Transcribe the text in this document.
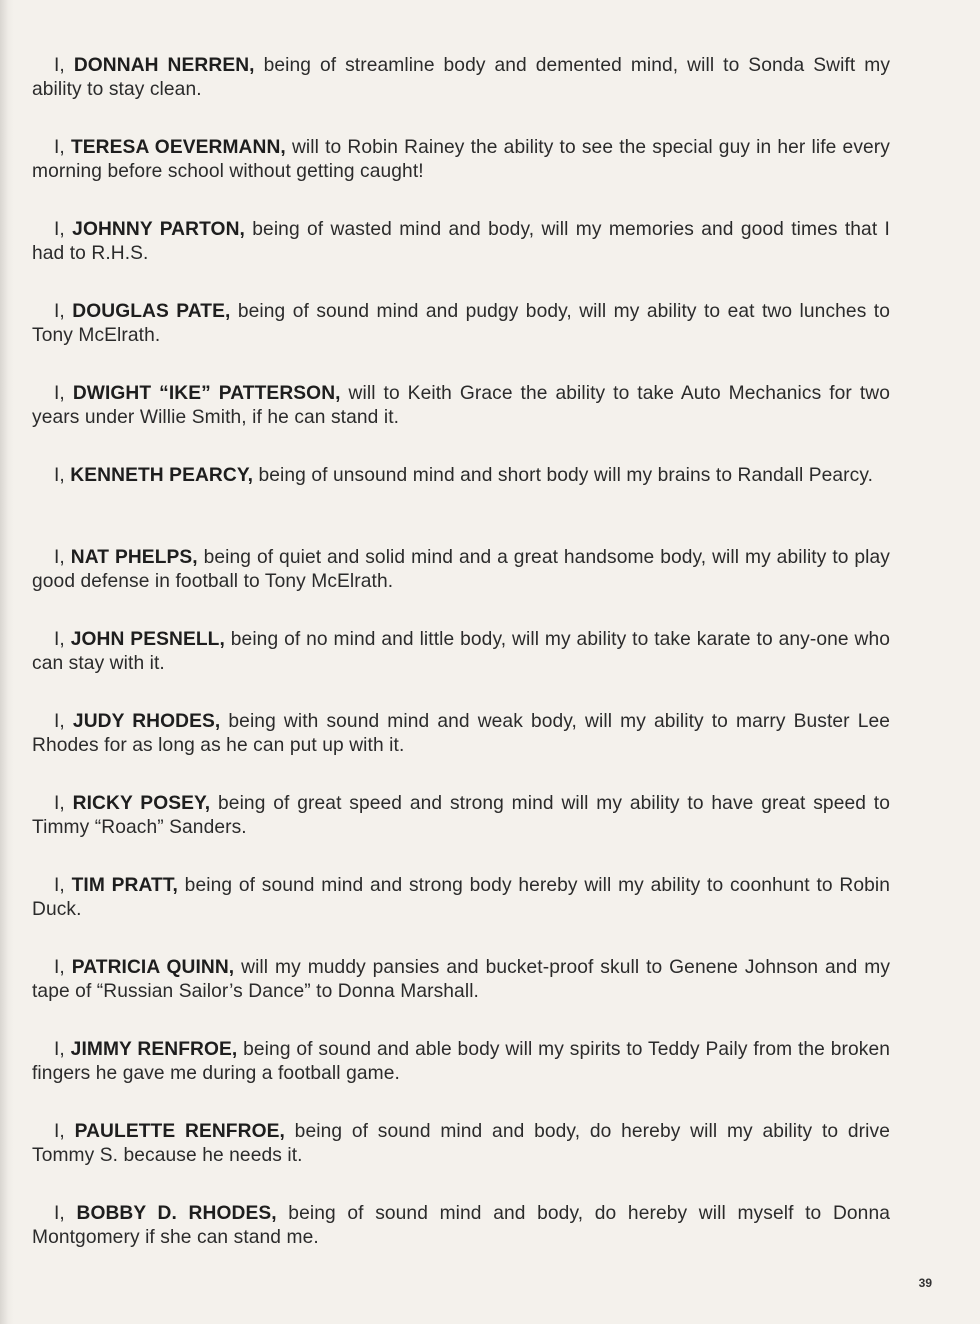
I, DONNAH NERREN, being of streamline body and demented mind, will to Sonda Swift my ability to stay clean.

I, TERESA OEVERMANN, will to Robin Rainey the ability to see the special guy in her life every morning before school without getting caught!

I, JOHNNY PARTON, being of wasted mind and body, will my memories and good times that I had to R.H.S.

I, DOUGLAS PATE, being of sound mind and pudgy body, will my ability to eat two lunches to Tony McElrath.

I, DWIGHT “IKE” PATTERSON, will to Keith Grace the ability to take Auto Mechanics for two years under Willie Smith, if he can stand it.

I, KENNETH PEARCY, being of unsound mind and short body will my brains to Randall Pearcy.

I, NAT PHELPS, being of quiet and solid mind and a great handsome body, will my ability to play good defense in football to Tony McElrath.

I, JOHN PESNELL, being of no mind and little body, will my ability to take karate to any-one who can stay with it.

I, JUDY RHODES, being with sound mind and weak body, will my ability to marry Buster Lee Rhodes for as long as he can put up with it.

I, RICKY POSEY, being of great speed and strong mind will my ability to have great speed to Timmy “Roach” Sanders.

I, TIM PRATT, being of sound mind and strong body hereby will my ability to coonhunt to Robin Duck.

I, PATRICIA QUINN, will my muddy pansies and bucket-proof skull to Genene Johnson and my tape of “Russian Sailor’s Dance” to Donna Marshall.

I, JIMMY RENFROE, being of sound and able body will my spirits to Teddy Paily from the broken fingers he gave me during a football game.

I, PAULETTE RENFROE, being of sound mind and body, do hereby will my ability to drive Tommy S. because he needs it.

I, BOBBY D. RHODES, being of sound mind and body, do hereby will myself to Donna Montgomery if she can stand me.

39
